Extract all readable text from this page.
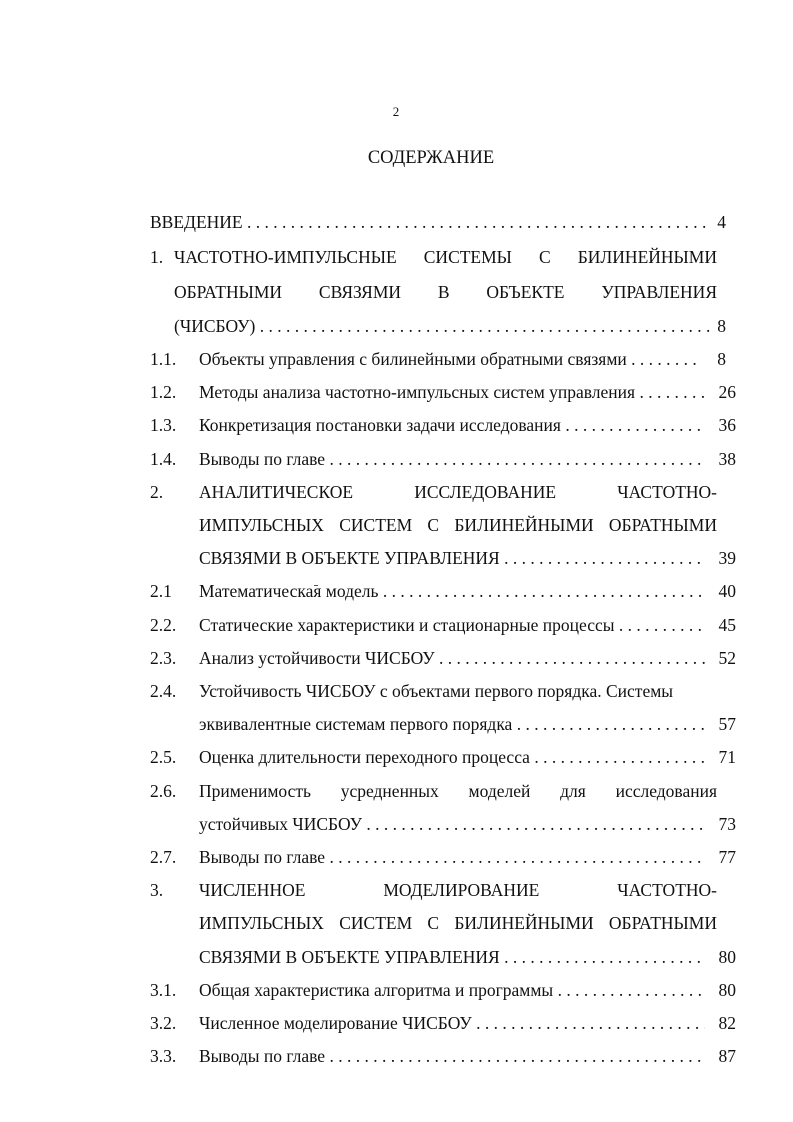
2
СОДЕРЖАНИЕ
ВВЕДЕНИЕ . . .	4
1. ЧАСТОТНО-ИМПУЛЬСНЫЕ СИСТЕМЫ С БИЛИНЕЙНЫМИ
ОБРАТНЫМИ СВЯЗЯМИ В ОБЪЕКТЕ УПРАВЛЕНИЯ
(ЧИСБОУ) . . .	8
1.1.	Объекты управления с билинейными обратными связями . . .	8
1.2.	Методы анализа частотно-импульсных систем управления . . .	26
1.3.	Конкретизация постановки задачи исследования . . .	36
1.4.	Выводы по главе . . .	38
2.	АНАЛИТИЧЕСКОЕ ИССЛЕДОВАНИЕ ЧАСТОТНО-
ИМПУЛЬСНЫХ СИСТЕМ С БИЛИНЕЙНЫМИ ОБРАТНЫМИ
СВЯЗЯМИ В ОБЪЕКТЕ УПРАВЛЕНИЯ . . .	39
2.1	Математическая модель . . .	40
2.2.	Статические характеристики и стационарные процессы . . .	45
2.3.	Анализ устойчивости ЧИСБОУ . . .	52
2.4.	Устойчивость ЧИСБОУ с объектами первого порядка. Системы
эквивалентные системам первого порядка . . .	57
2.5.	Оценка длительности переходного процесса . . .	71
2.6.	Применимость усредненных моделей для исследования
устойчивых ЧИСБОУ . . .	73
2.7.	Выводы по главе . . .	77
3.	ЧИСЛЕННОЕ МОДЕЛИРОВАНИЕ ЧАСТОТНО-
ИМПУЛЬСНЫХ СИСТЕМ С БИЛИНЕЙНЫМИ ОБРАТНЫМИ
СВЯЗЯМИ В ОБЪЕКТЕ УПРАВЛЕНИЯ . . .	80
3.1.	Общая характеристика алгоритма и программы . . .	80
3.2.	Численное моделирование ЧИСБОУ . . .	82
3.3.	Выводы по главе . . .	87
